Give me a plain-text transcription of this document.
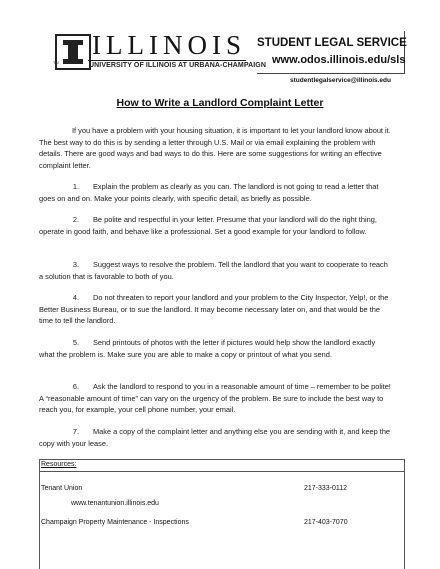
TM
ILLINOIS
UNIVERSITY OF ILLINOIS AT URBANA-CHAMPAIGN
STUDENT LEGAL SERVICE
www.odos.illinois.edu/sls
studentlegalservice@illinois.edu
How to Write a Landlord Complaint Letter
If you have a problem with your housing situation, it is important to let your landlord know about it. The best way to do this is by sending a letter through U.S. Mail or via email explaining the problem with details. There are good ways and bad ways to do this. Here are some suggestions for writing an effective complaint letter.
1. Explain the problem as clearly as you can. The landlord is not going to read a letter that goes on and on. Make your points clearly, with specific detail, as briefly as possible.
2. Be polite and respectful in your letter. Presume that your landlord will do the right thing, operate in good faith, and behave like a professional. Set a good example for your landlord to follow.
3. Suggest ways to resolve the problem. Tell the landlord that you want to cooperate to reach a solution that is favorable to both of you.
4. Do not threaten to report your landlord and your problem to the City Inspector, Yelp!, or the Better Business Bureau, or to sue the landlord. It may become necessary later on, and that would be the time to tell the landlord.
5. Send printouts of photos with the letter if pictures would help show the landlord exactly what the problem is. Make sure you are able to make a copy or printout of what you send.
6. Ask the landlord to respond to you in a reasonable amount of time – remember to be polite! A “reasonable amount of time” can vary on the urgency of the problem. Be sure to include the best way to reach you, for example, your cell phone number, your email.
7. Make a copy of the complaint letter and anything else you are sending with it, and keep the copy with your lease.
Resources:
Tenant Union
www.tenantunion.illinois.edu
217-333-0112
Champaign Property Maintenance - Inspections	217-403-7070
